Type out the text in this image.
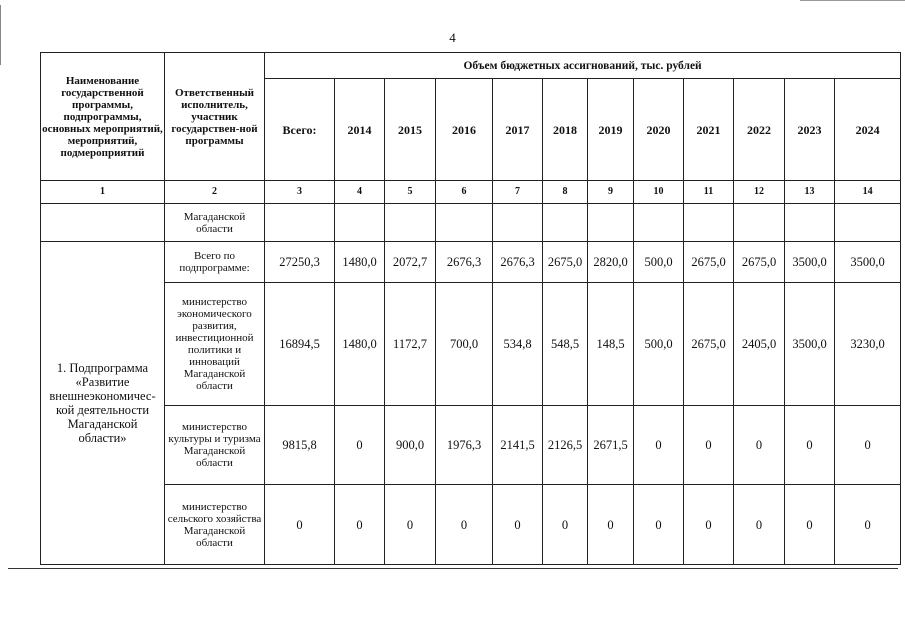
4
Наименование государственной программы, подпрограммы, основных мероприятий, мероприятий, подмероприятий	Ответственный исполнитель, участник государствен-ной программы	Объем бюджетных ассигнований, тыс. рублей											
		Всего:	2014	2015	2016	2017	2018	2019	2020	2021	2022	2023	2024
1	2	3	4	5	6	7	8	9	10	11	12	13	14
	Магаданской области												
1. Подпрограмма «Развитие внешнеэкономичес-кой деятельности Магаданской области»	Всего по подпрограмме:	27250,3	1480,0	2072,7	2676,3	2676,3	2675,0	2820,0	500,0	2675,0	2675,0	3500,0	3500,0
	министерство экономического развития, инвестиционной политики и инноваций Магаданской области	16894,5	1480,0	1172,7	700,0	534,8	548,5	148,5	500,0	2675,0	2405,0	3500,0	3230,0
	министерство культуры и туризма Магаданской области	9815,8	0	900,0	1976,3	2141,5	2126,5	2671,5	0	0	0	0	0
	министерство сельского хозяйства Магаданской области	0	0	0	0	0	0	0	0	0	0	0	0
